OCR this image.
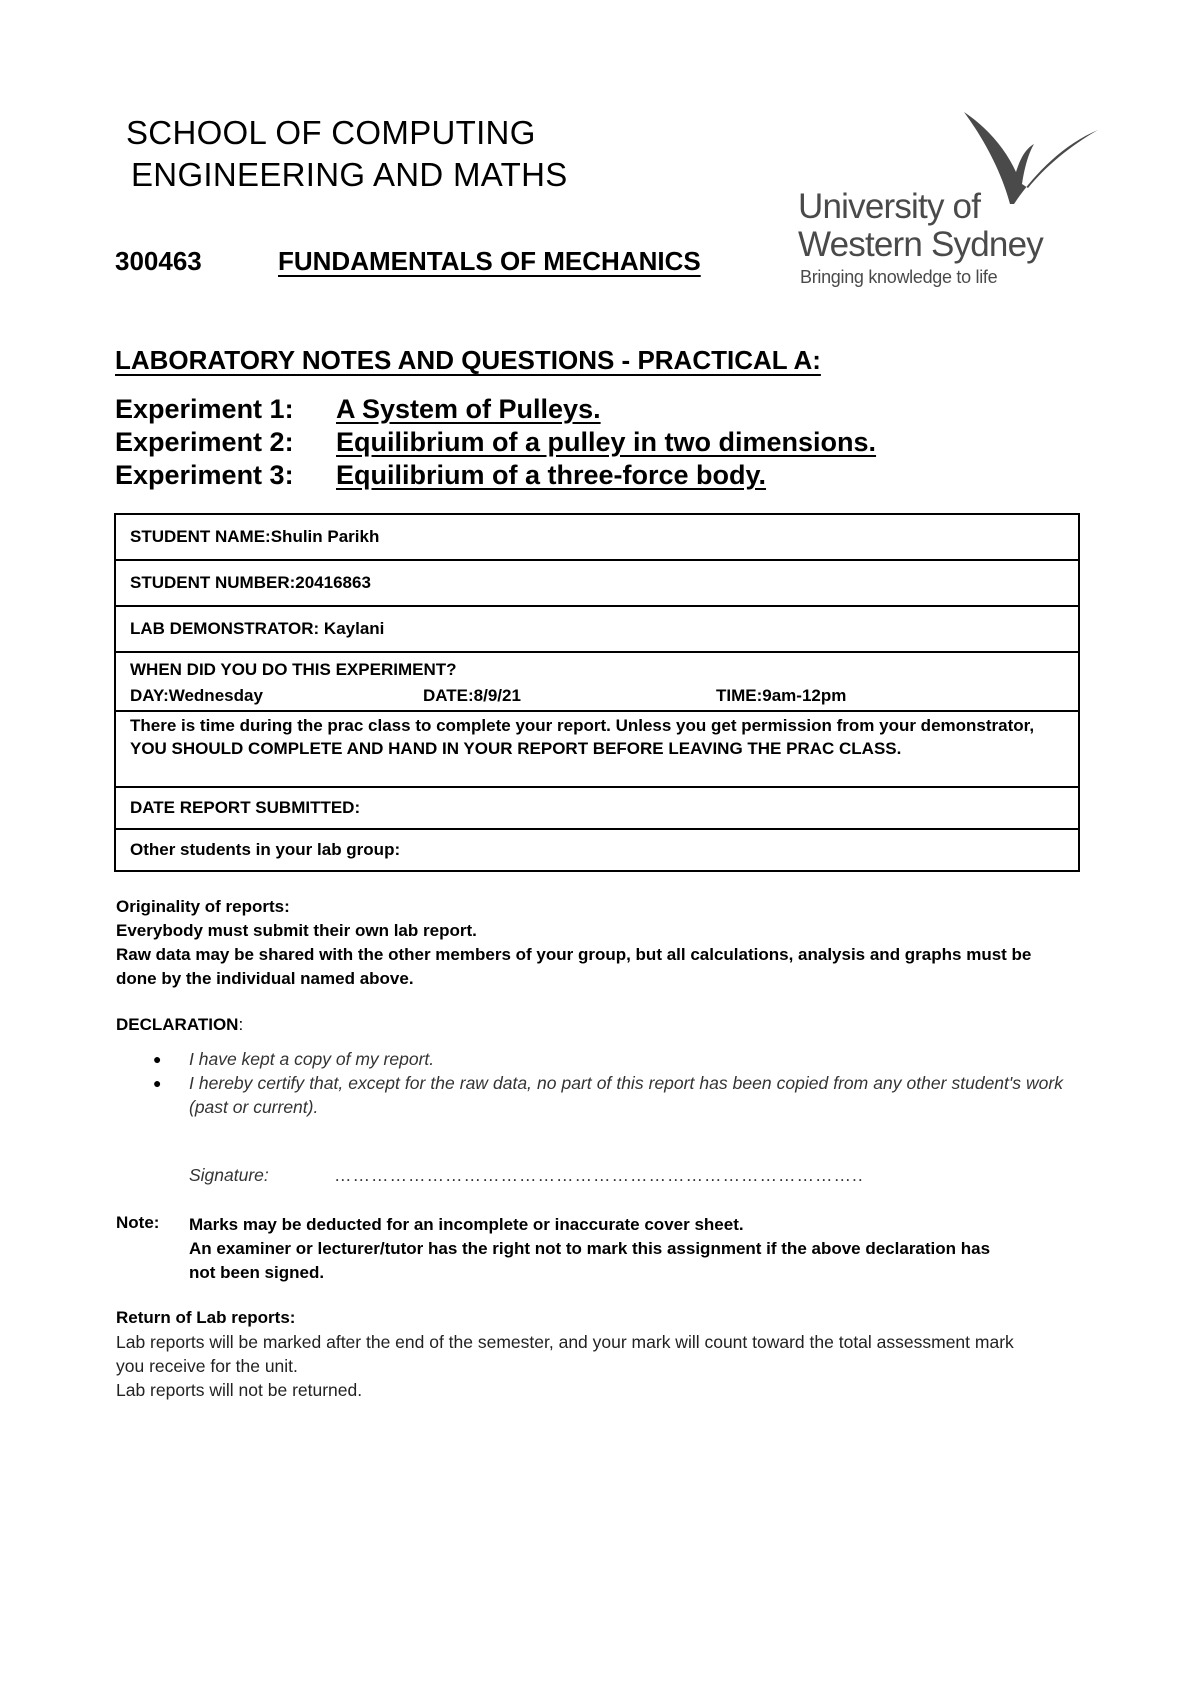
SCHOOL OF COMPUTING
ENGINEERING AND MATHS
University of
Western Sydney
Bringing knowledge to life
300463	FUNDAMENTALS OF MECHANICS
LABORATORY NOTES AND QUESTIONS - PRACTICAL A:
Experiment 1: A System of Pulleys.
Experiment 2: Equilibrium of a pulley in two dimensions.
Experiment 3: Equilibrium of a three-force body.
STUDENT NAME:Shulin Parikh
STUDENT NUMBER:20416863
LAB DEMONSTRATOR: Kaylani
WHEN DID YOU DO THIS EXPERIMENT?
DAY:Wednesday	DATE:8/9/21	TIME:9am-12pm
There is time during the prac class to complete your report. Unless you get permission from your demonstrator, YOU SHOULD COMPLETE AND HAND IN YOUR REPORT BEFORE LEAVING THE PRAC CLASS.
DATE REPORT SUBMITTED:
Other students in your lab group:
Originality of reports:
Everybody must submit their own lab report.
Raw data may be shared with the other members of your group, but all calculations, analysis and graphs must be done by the individual named above.
DECLARATION:
● I have kept a copy of my report.
● I hereby certify that, except for the raw data, no part of this report has been copied from any other student's work (past or current).
Signature:	…………………………………………………………………………..
Note: Marks may be deducted for an incomplete or inaccurate cover sheet.
An examiner or lecturer/tutor has the right not to mark this assignment if the above declaration has not been signed.
Return of Lab reports:
Lab reports will be marked after the end of the semester, and your mark will count toward the total assessment mark you receive for the unit.
Lab reports will not be returned.
